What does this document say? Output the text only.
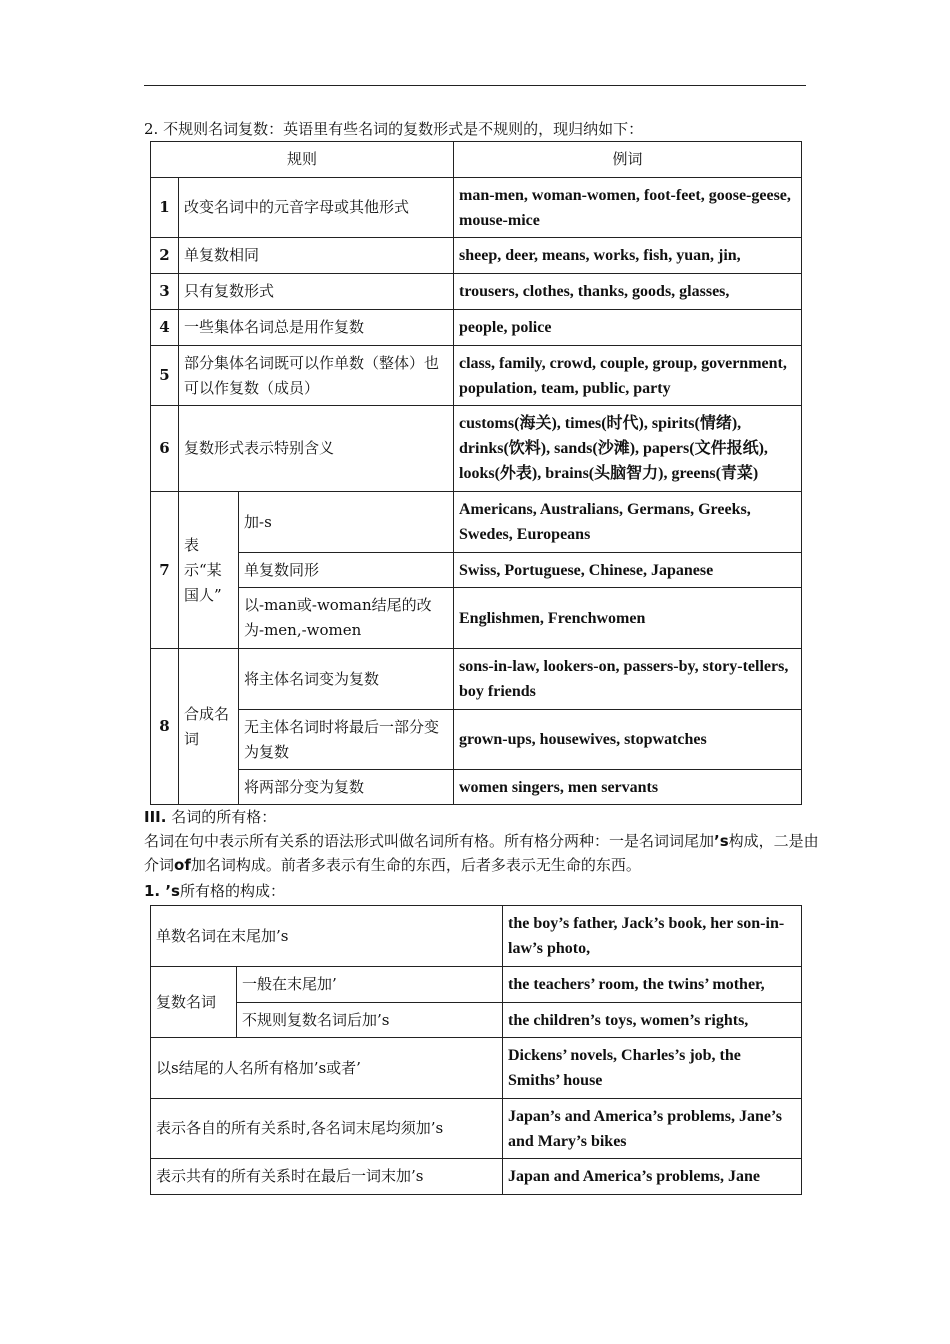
2. 不规则名词复数：英语里有些名词的复数形式是不规则的，现归纳如下：
规则			例词
1	改变名词中的元音字母或其他形式		man-men, woman-women, foot-feet, goose-geese, mouse-mice
2	单复数相同		sheep, deer, means, works, fish, yuan, jin,
3	只有复数形式		trousers, clothes, thanks, goods, glasses,
4	一些集体名词总是用作复数		people, police
5	部分集体名词既可以作单数（整体）也可以作复数（成员）		class, family, crowd, couple, group, government, population, team, public, party
6	复数形式表示特别含义		customs(海关), times(时代), spirits(情绪), drinks(饮料), sands(沙滩), papers(文件报纸), looks(外表), brains(头脑智力), greens(青菜)
7	表示“某国人”	加-s	Americans, Australians, Germans, Greeks, Swedes, Europeans
		单复数同形	Swiss, Portuguese, Chinese, Japanese
		以-man或-woman结尾的改为-men,-women	Englishmen, Frenchwomen
8	合成名词	将主体名词变为复数	sons-in-law, lookers-on, passers-by, story-tellers, boy friends
		无主体名词时将最后一部分变为复数	grown-ups, housewives, stopwatches
		将两部分变为复数	women singers, men servants
III. 名词的所有格：
名词在句中表示所有关系的语法形式叫做名词所有格。所有格分两种：一是名词词尾加’s构成，二是由介词of加名词构成。前者多表示有生命的东西，后者多表示无生命的东西。
1. ’s所有格的构成：
单数名词在末尾加’s		the boy’s father, Jack’s book, her son-in-law’s photo,
复数名词	一般在末尾加’	the teachers’ room, the twins’ mother,
	不规则复数名词后加’s	the children’s toys, women’s rights,
以s结尾的人名所有格加’s或者’		Dickens’ novels, Charles’s job, the Smiths’ house
表示各自的所有关系时,各名词末尾均须加’s		Japan’s and America’s problems, Jane’s and Mary’s bikes
表示共有的所有关系时在最后一词末加’s		Japan and America’s problems, Jane
